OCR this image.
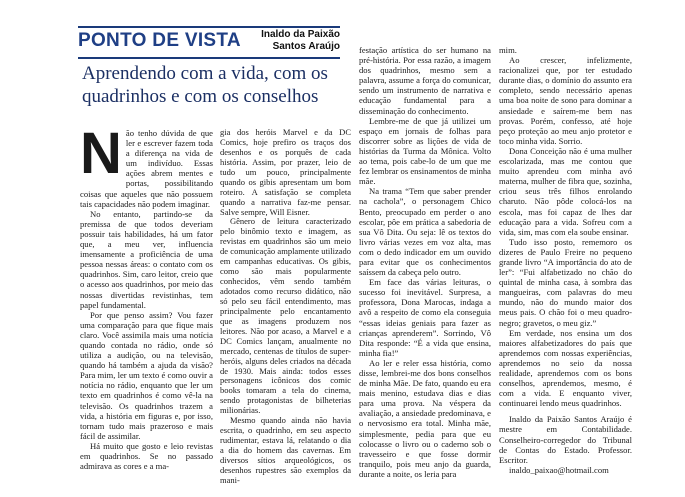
PONTO DE VISTA Inaldo da Paixão
Santos Araújo
Aprendendo com a vida, com os quadrinhos e com os conselhos

Não tenho dúvida de que ler e escrever fazem toda a diferença na vida de um indivíduo. Essas ações abrem mentes e portas, possibilitando coisas que aqueles que não possuem tais capacidades não podem imaginar.

No entanto, partindo-se da premissa de que todos deveriam possuir tais habilidades, há um fator que, a meu ver, influencia imensamente a proficiência de uma pessoa nessas áreas: o contato com os quadrinhos. Sim, caro leitor, creio que o acesso aos quadrinhos, por meio das nossas divertidas revistinhas, tem papel fundamental.

Por que penso assim? Vou fazer uma comparação para que fique mais claro. Você assimila mais uma notícia quando contada no rádio, onde só utiliza a audição, ou na televisão, quando há também a ajuda da visão? Para mim, ler um texto é como ouvir a notícia no rádio, enquanto que ler um texto em quadrinhos é como vê-la na televisão. Os quadrinhos trazem a vida, a história em figuras e, por isso, tornam tudo mais prazeroso e mais fácil de assimilar.

Há muito que gosto e leio revistas em quadrinhos. Se no passado admirava as cores e a ma-

gia dos heróis Marvel e da DC Comics, hoje prefiro os traços dos desenhos e os porquês de cada história. Assim, por prazer, leio de tudo um pouco, principalmente quando os gibis apresentam um bom roteiro. A satisfação se completa quando a narrativa faz-me pensar. Salve sempre, Will Eisner.

Gênero de leitura caracterizado pelo binômio texto e imagem, as revistas em quadrinhos são um meio de comunicação amplamente utilizado em campanhas educativas. Os gibis, como são mais popularmente conhecidos, vêm sendo também adotados como recurso didático, não só pelo seu fácil entendimento, mas principalmente pelo encantamento que as imagens produzem nos leitores. Não por acaso, a Marvel e a DC Comics lançam, anualmente no mercado, centenas de títulos de super-heróis, alguns deles criados na década de 1930. Mais ainda: todos esses personagens icônicos dos comic books tomaram a tela do cinema, sendo protagonistas de bilheterias milionárias.

Mesmo quando ainda não havia escrita, o quadrinho, em seu aspecto rudimentar, estava lá, relatando o dia a dia do homem das cavernas. Em diversos sítios arqueológicos, os desenhos rupestres são exemplos da mani-

festação artística do ser humano na pré-história. Por essa razão, a imagem dos quadrinhos, mesmo sem a palavra, assume a força do comunicar, sendo um instrumento de narrativa e educação fundamental para a disseminação do conhecimento.

Lembre-me de que já utilizei um espaço em jornais de folhas para discorrer sobre as lições de vida de histórias da Turma da Mônica. Volto ao tema, pois cabe-lo de um que me fez lembrar os ensinamentos de minha mãe.

Na trama “Tem que saber prender na cachola”, o personagem Chico Bento, preocupado em perder o ano escolar, pôe em prática a sabedoria de sua Vô Dita. Ou seja: lê os textos do livro várias vezes em voz alta, mas com o dedo indicador em um ouvido para evitar que os conhecimentos saíssem da cabeça pelo outro.

Em face das várias leituras, o sucesso foi inevitável. Surpresa, a professora, Dona Marocas, indaga a avô a respeito de como ela conseguia “essas ideias geniais para fazer as crianças aprenderem”. Sorrindo, Vô Dita responde: “É a vida que ensina, minha fia!”

Ao ler e reler essa história, como disse, lembrei-me dos bons conselhos de minha Mãe. De fato, quando eu era mais menino, estudava dias e dias para uma prova. Na véspera da avaliação, a ansiedade predominava, e o nervosismo era total. Minha mãe, simplesmente, pedia para que eu colocasse o livro ou o caderno sob o travesseiro e que fosse dormir tranquilo, pois meu anjo da guarda, durante a noite, os leria para

mim.

Ao crescer, infelizmente, racionalizei que, por ter estudado durante dias, o domínio do assunto era completo, sendo necessário apenas uma boa noite de sono para dominar a ansiedade e saírem-me bem nas provas. Porém, confesso, até hoje peço proteção ao meu anjo protetor e toco minha vida. Sorrio.

Dona Conceição não é uma mulher escolarizada, mas me contou que muito aprendeu com minha avó materna, mulher de fibra que, sozinha, criou seus três filhos enrolando charuto. Não pôde colocá-los na escola, mas foi capaz de lhes dar educação para a vida. Sofreu com a vida, sim, mas com ela soube ensinar.

Tudo isso posto, rememoro os dizeres de Paulo Freire no pequeno grande livro “A importância do ato de ler”: “Fui alfabetizado no chão do quintal de minha casa, à sombra das mangueiras, com palavras do meu mundo, não do mundo maior dos meus pais. O chão foi o meu quadro-negro; gravetos, o meu giz.”

Em verdade, nos ensina um dos maiores alfabetizadores do país que aprendemos com nossas experiências, aprendemos no seio da nossa realidade, aprendemos com os bons conselhos, aprendemos, mesmo, é com a vida. E enquanto viver, continuarei lendo meus quadrinhos.

Inaldo da Paixão Santos Araújo é mestre em Contabilidade. Conselheiro-corregedor do Tribunal de Contas do Estado. Professor. Escritor.

inaldo_paixao@hotmail.com
